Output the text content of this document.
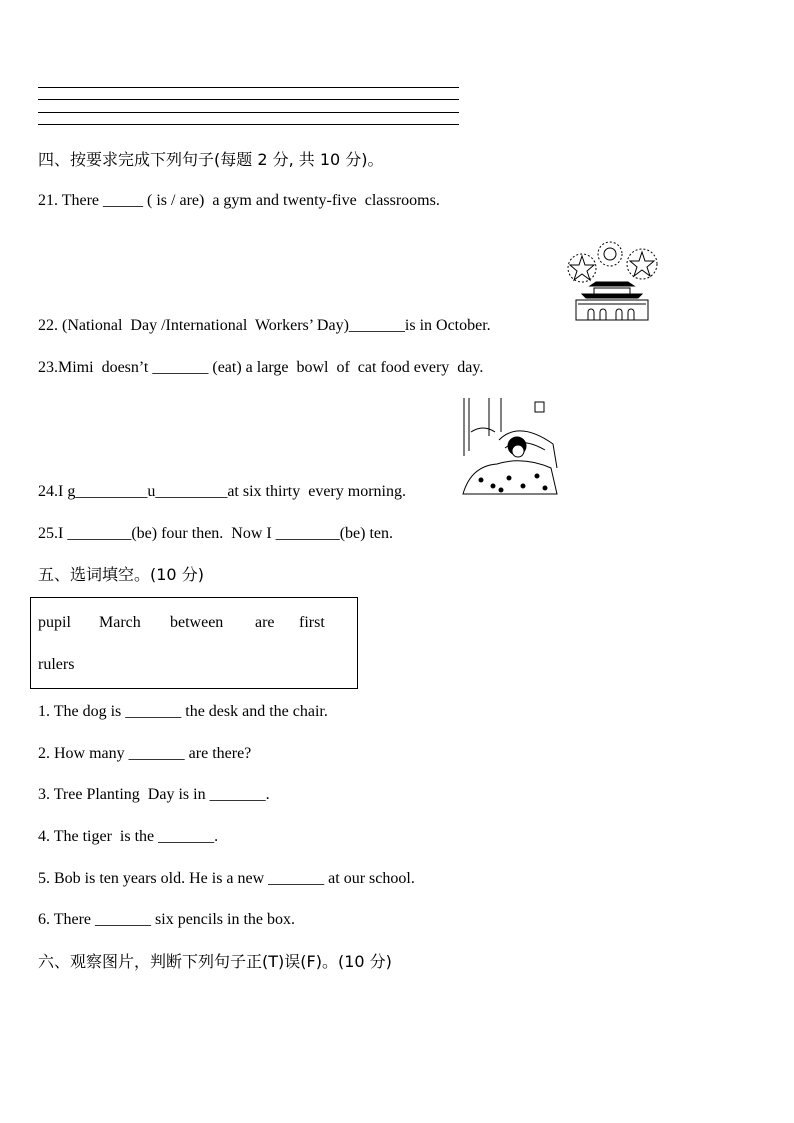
四、按要求完成下列句子(每题 2 分, 共 10 分)。
21. There _____ ( is / are)  a gym and twenty-five  classrooms.
22. (National  Day /International  Workers’ Day)_______is in October.
23.Mimi  doesn’t _______ (eat) a large  bowl  of  cat food every  day.
24.I g_________u_________at six thirty  every morning.
25.I ________(be) four then.  Now I ________(be) ten.
五、选词填空。(10 分)
pupil March between are first
rulers
1. The dog is _______ the desk and the chair.
2. How many _______ are there?
3. Tree Planting  Day is in _______.
4. The tiger  is the _______.
5. Bob is ten years old. He is a new _______ at our school.
6. There _______ six pencils in the box.
六、观察图片，判断下列句子正(T)误(F)。(10 分)
